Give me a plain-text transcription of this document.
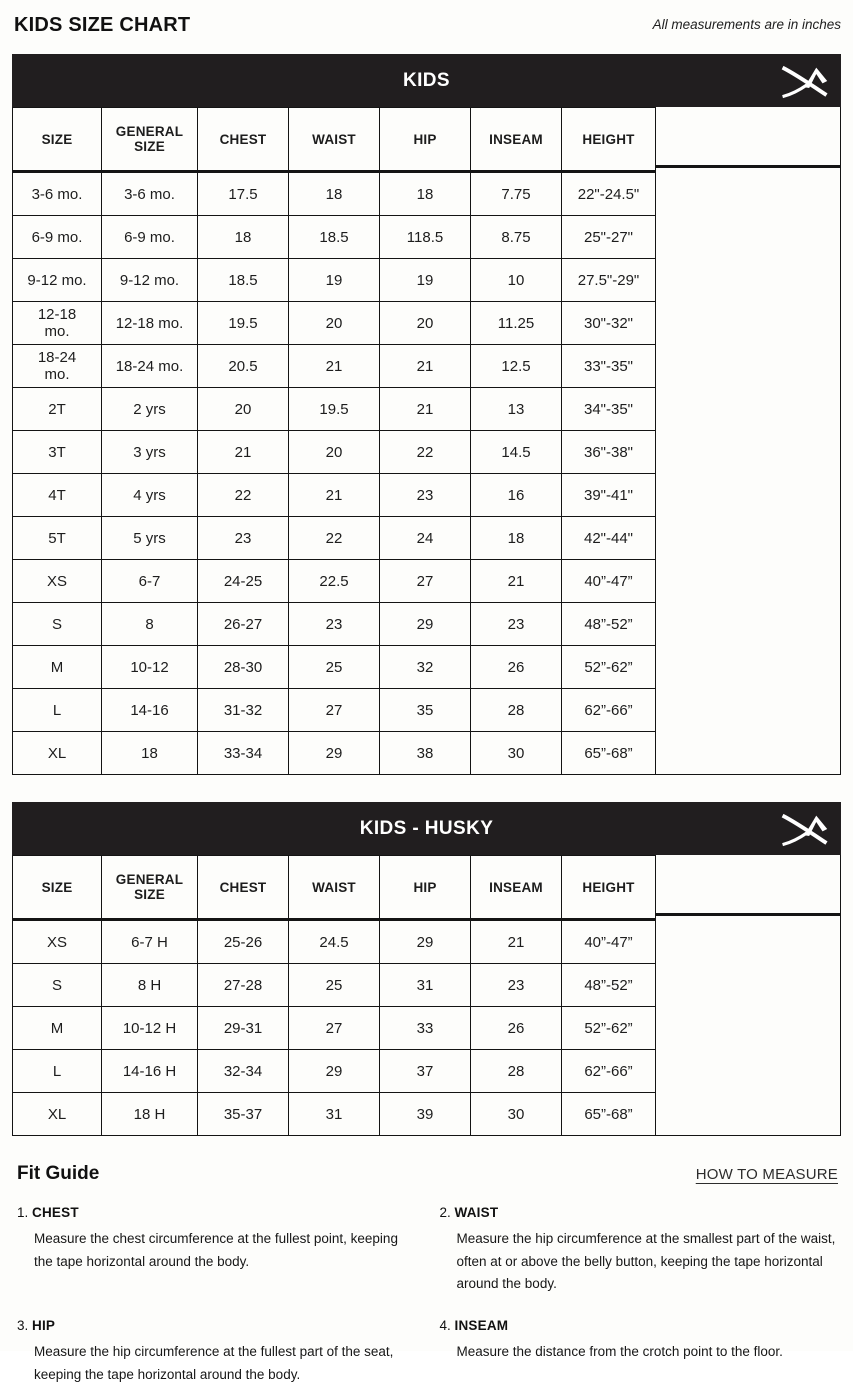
KIDS SIZE CHART	All measurements are in inches
KIDS
SIZE	GENERAL SIZE	CHEST	WAIST	HIP	INSEAM	HEIGHT
3-6 mo.	3-6 mo.	17.5	18	18	7.75	22"-24.5"
6-9 mo.	6-9 mo.	18	18.5	118.5	8.75	25"-27"
9-12 mo.	9-12 mo.	18.5	19	19	10	27.5"-29"
12-18 mo.	12-18 mo.	19.5	20	20	11.25	30"-32"
18-24 mo.	18-24 mo.	20.5	21	21	12.5	33"-35"
2T	2 yrs	20	19.5	21	13	34"-35"
3T	3 yrs	21	20	22	14.5	36"-38"
4T	4 yrs	22	21	23	16	39"-41"
5T	5 yrs	23	22	24	18	42"-44"
XS	6-7	24-25	22.5	27	21	40”-47”
S	8	26-27	23	29	23	48”-52”
M	10-12	28-30	25	32	26	52”-62”
L	14-16	31-32	27	35	28	62”-66”
XL	18	33-34	29	38	30	65”-68”
KIDS - HUSKY
SIZE	GENERAL SIZE	CHEST	WAIST	HIP	INSEAM	HEIGHT
XS	6-7 H	25-26	24.5	29	21	40”-47”
S	8 H	27-28	25	31	23	48”-52”
M	10-12 H	29-31	27	33	26	52”-62”
L	14-16 H	32-34	29	37	28	62”-66”
XL	18 H	35-37	31	39	30	65”-68”
Fit Guide	HOW TO MEASURE
1. CHEST
Measure the chest circumference at the fullest point, keeping the tape horizontal around the body.
2. WAIST
Measure the hip circumference at the smallest part of the waist, often at or above the belly button, keeping the tape horizontal around the body.
3. HIP
Measure the hip circumference at the fullest part of the seat, keeping the tape horizontal around the body.
4. INSEAM
Measure the distance from the crotch point to the floor.
